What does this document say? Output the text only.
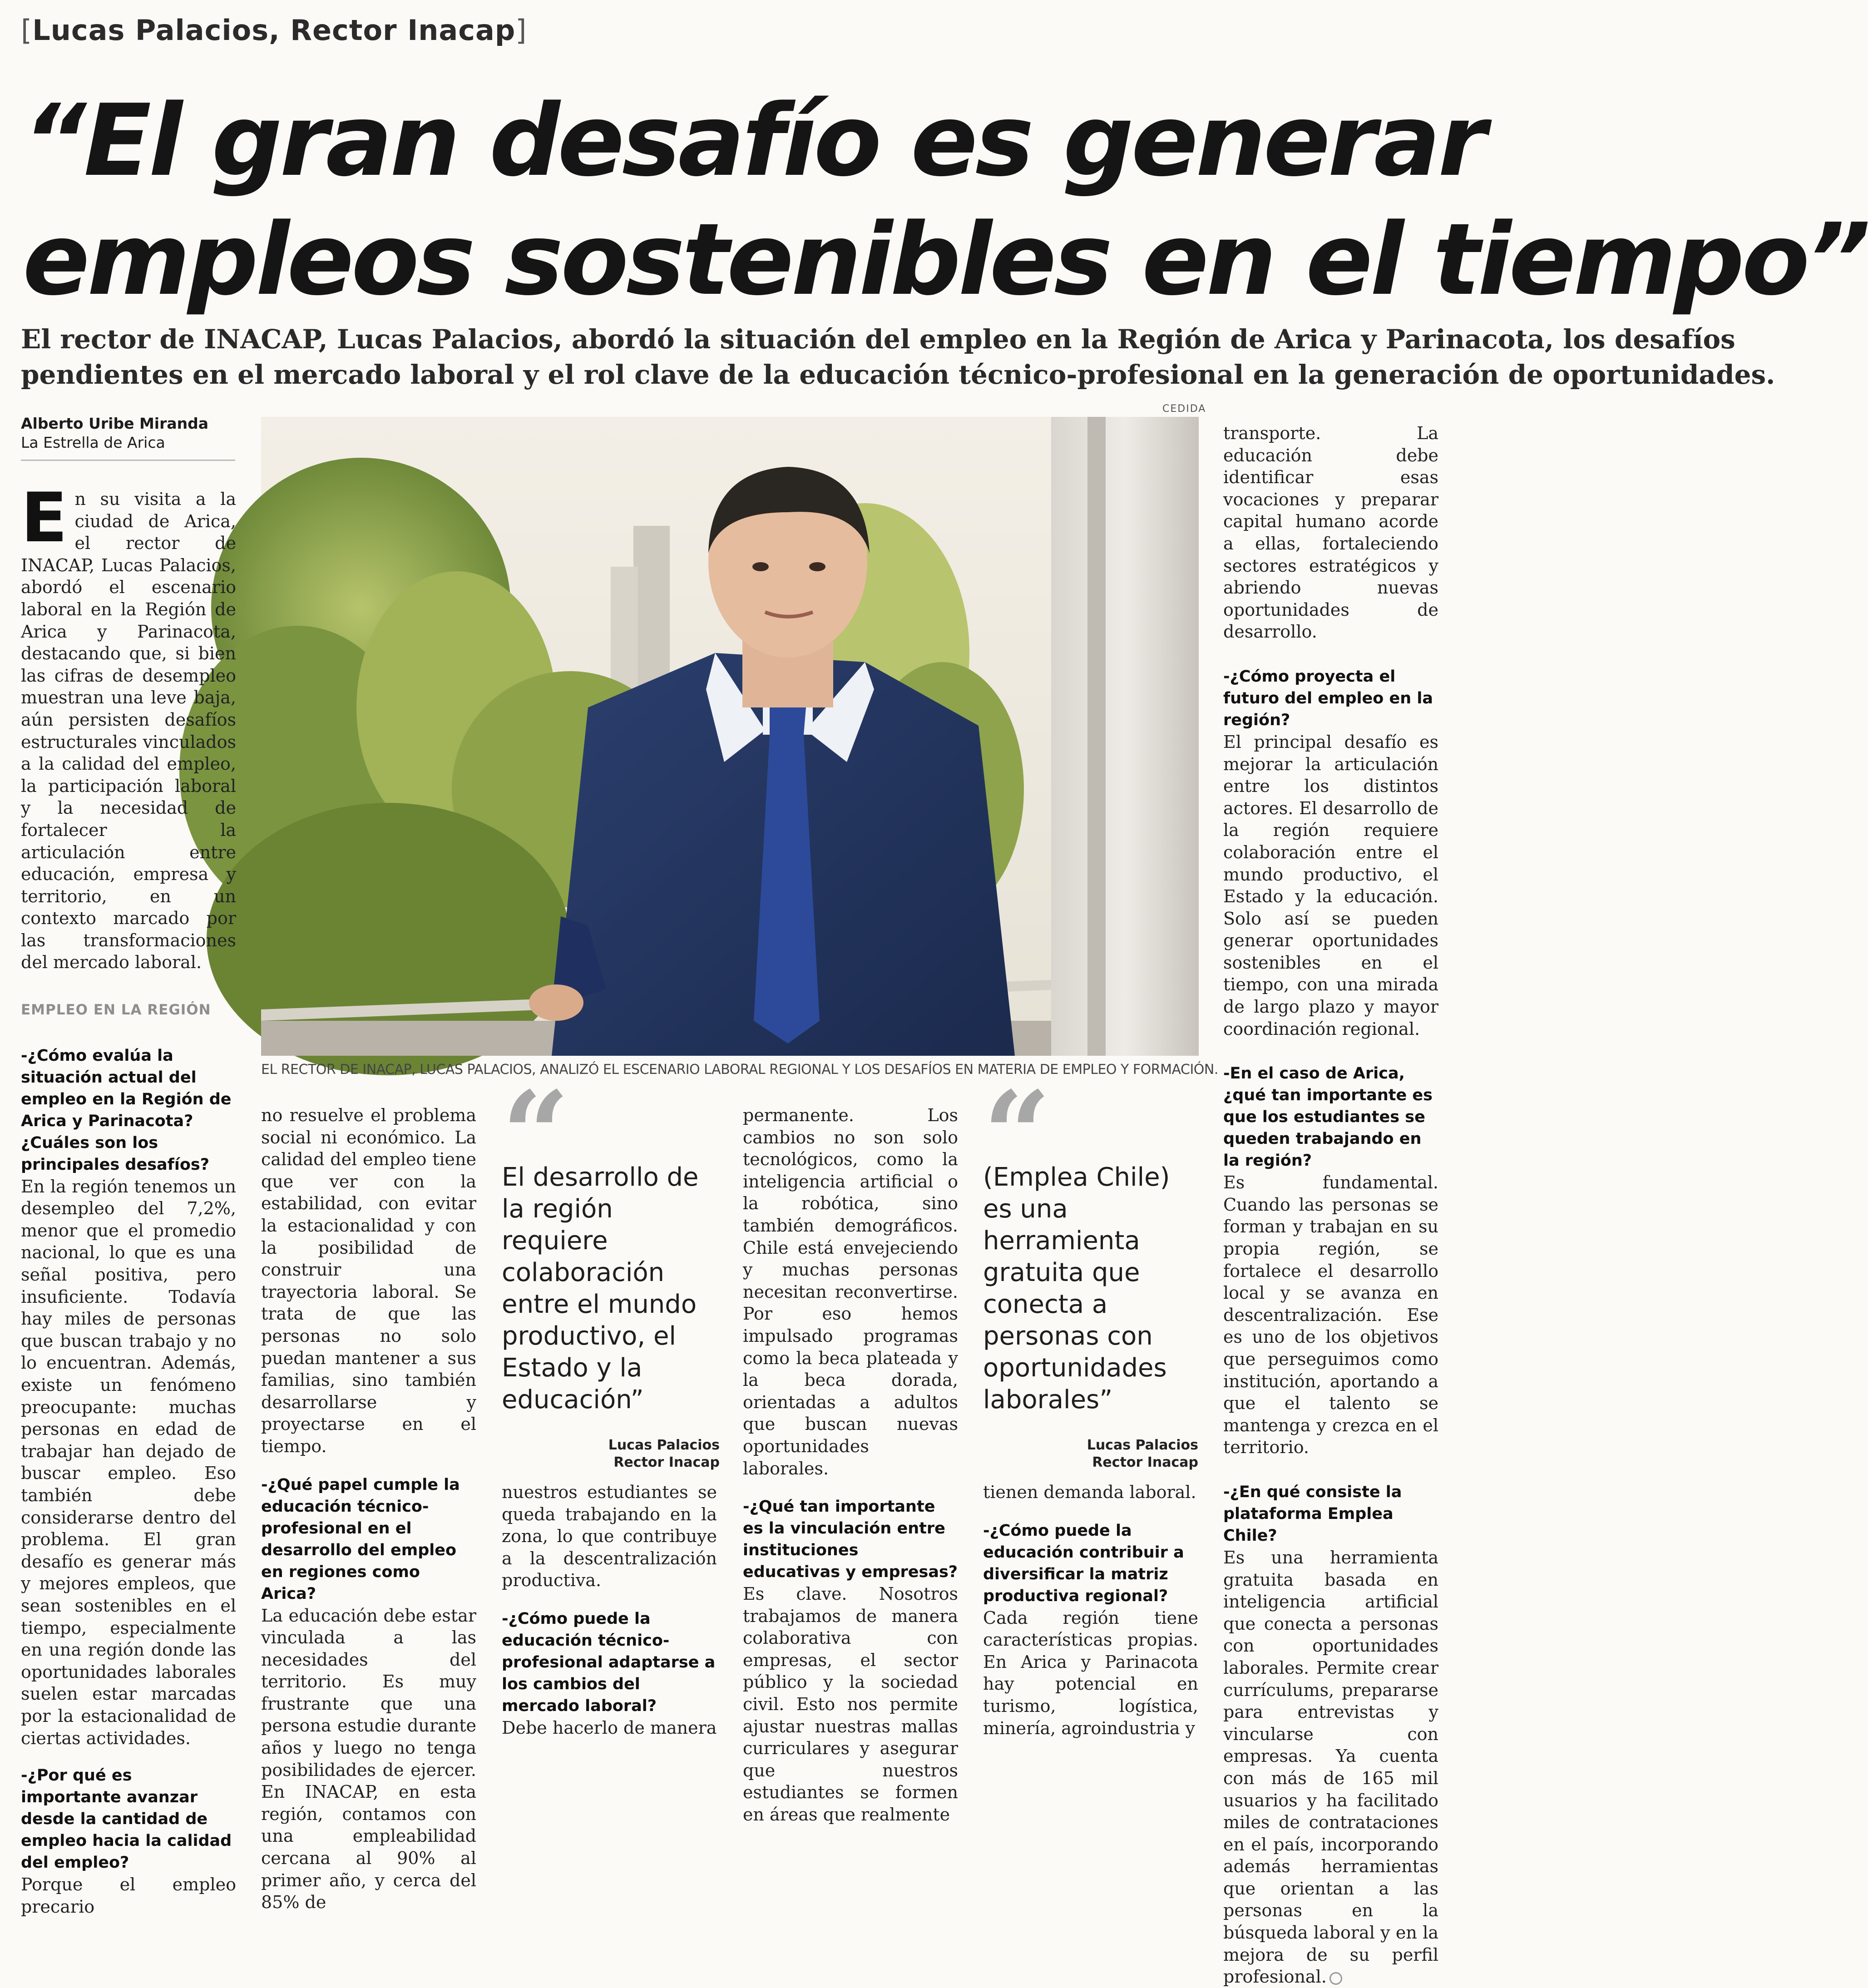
[Lucas Palacios, Rector Inacap]
“El gran desafío es generar
empleos sostenibles en el tiempo”
El rector de INACAP, Lucas Palacios, abordó la situación del empleo en la Región de Arica y Parinacota, los desafíos
pendientes en el mercado laboral y el rol clave de la educación técnico-profesional en la generación de oportunidades.
Alberto Uribe Miranda
La Estrella de Arica
CEDIDA
EL RECTOR DE INACAP, LUCAS PALACIOS, ANALIZÓ EL ESCENARIO LABORAL REGIONAL Y LOS DESAFÍOS EN MATERIA DE EMPLEO Y FORMACIÓN.

En su visita a la ciudad de Arica, el rector de INACAP, Lucas Palacios, abordó el escenario laboral en la Región de Arica y Parinacota, destacando que, si bien las cifras de desempleo muestran una leve baja, aún persisten desafíos estructurales vinculados a la calidad del empleo, la participación laboral y la necesidad de fortalecer la articulación entre educación, empresa y territorio, en un contexto marcado por las transformaciones del mercado laboral.

EMPLEO EN LA REGIÓN

-¿Cómo evalúa la situación actual del empleo en la Región de Arica y Parinacota? ¿Cuáles son los principales desafíos?

En la región tenemos un desempleo del 7,2%, menor que el promedio nacional, lo que es una señal positiva, pero insuficiente. Todavía hay miles de personas que buscan trabajo y no lo encuentran. Además, existe un fenómeno preocupante: muchas personas en edad de trabajar han dejado de buscar empleo. Eso también debe considerarse dentro del problema. El gran desafío es generar más y mejores empleos, que sean sostenibles en el tiempo, especialmente en una región donde las oportunidades laborales suelen estar marcadas por la estacionalidad de ciertas actividades.

-¿Por qué es importante avanzar desde la cantidad de empleo hacia la calidad del empleo?

Porque el empleo precario

no resuelve el problema social ni económico. La calidad del empleo tiene que ver con la estabilidad, con evitar la estacionalidad y con la posibilidad de construir una trayectoria laboral. Se trata de que las personas no solo puedan mantener a sus familias, sino también desarrollarse y proyectarse en el tiempo.

-¿Qué papel cumple la educación técnico-profesional en el desarrollo del empleo en regiones como Arica?

La educación debe estar vinculada a las necesidades del territorio. Es muy frustrante que una persona estudie durante años y luego no tenga posibilidades de ejercer. En INACAP, en esta región, contamos con una empleabilidad cercana al 90% al primer año, y cerca del 85% de

“
El desarrollo de la región requiere colaboración entre el mundo productivo, el Estado y la educación”
Lucas Palacios
Rector Inacap

nuestros estudiantes se queda trabajando en la zona, lo que contribuye a la descentralización productiva.

-¿Cómo puede la educación técnico-profesional adaptarse a los cambios del mercado laboral?

Debe hacerlo de manera

permanente. Los cambios no son solo tecnológicos, como la inteligencia artificial o la robótica, sino también demográficos. Chile está envejeciendo y muchas personas necesitan reconvertirse. Por eso hemos impulsado programas como la beca plateada y la beca dorada, orientadas a adultos que buscan nuevas oportunidades laborales.

-¿Qué tan importante es la vinculación entre instituciones educativas y empresas?

Es clave. Nosotros trabajamos de manera colaborativa con empresas, el sector público y la sociedad civil. Esto nos permite ajustar nuestras mallas curriculares y asegurar que nuestros estudiantes se formen en áreas que realmente

“
(Emplea Chile) es una herramienta gratuita que conecta a personas con oportunidades laborales”
Lucas Palacios
Rector Inacap

tienen demanda laboral.

-¿Cómo puede la educación contribuir a diversificar la matriz productiva regional?

Cada región tiene características propias. En Arica y Parinacota hay potencial en turismo, logística, minería, agroindustria y

transporte. La educación debe identificar esas vocaciones y preparar capital humano acorde a ellas, fortaleciendo sectores estratégicos y abriendo nuevas oportunidades de desarrollo.

-¿Cómo proyecta el futuro del empleo en la región?

El principal desafío es mejorar la articulación entre los distintos actores. El desarrollo de la región requiere colaboración entre el mundo productivo, el Estado y la educación. Solo así se pueden generar oportunidades sostenibles en el tiempo, con una mirada de largo plazo y mayor coordinación regional.

-En el caso de Arica, ¿qué tan importante es que los estudiantes se queden trabajando en la región?

Es fundamental. Cuando las personas se forman y trabajan en su propia región, se fortalece el desarrollo local y se avanza en descentralización. Ese es uno de los objetivos que perseguimos como institución, aportando a que el talento se mantenga y crezca en el territorio.

-¿En qué consiste la plataforma Emplea Chile?

Es una herramienta gratuita basada en inteligencia artificial que conecta a personas con oportunidades laborales. Permite crear currículums, prepararse para entrevistas y vincularse con empresas. Ya cuenta con más de 165 mil usuarios y ha facilitado miles de contrataciones en el país, incorporando además herramientas que orientan a las personas en la búsqueda laboral y en la mejora de su perfil profesional.
